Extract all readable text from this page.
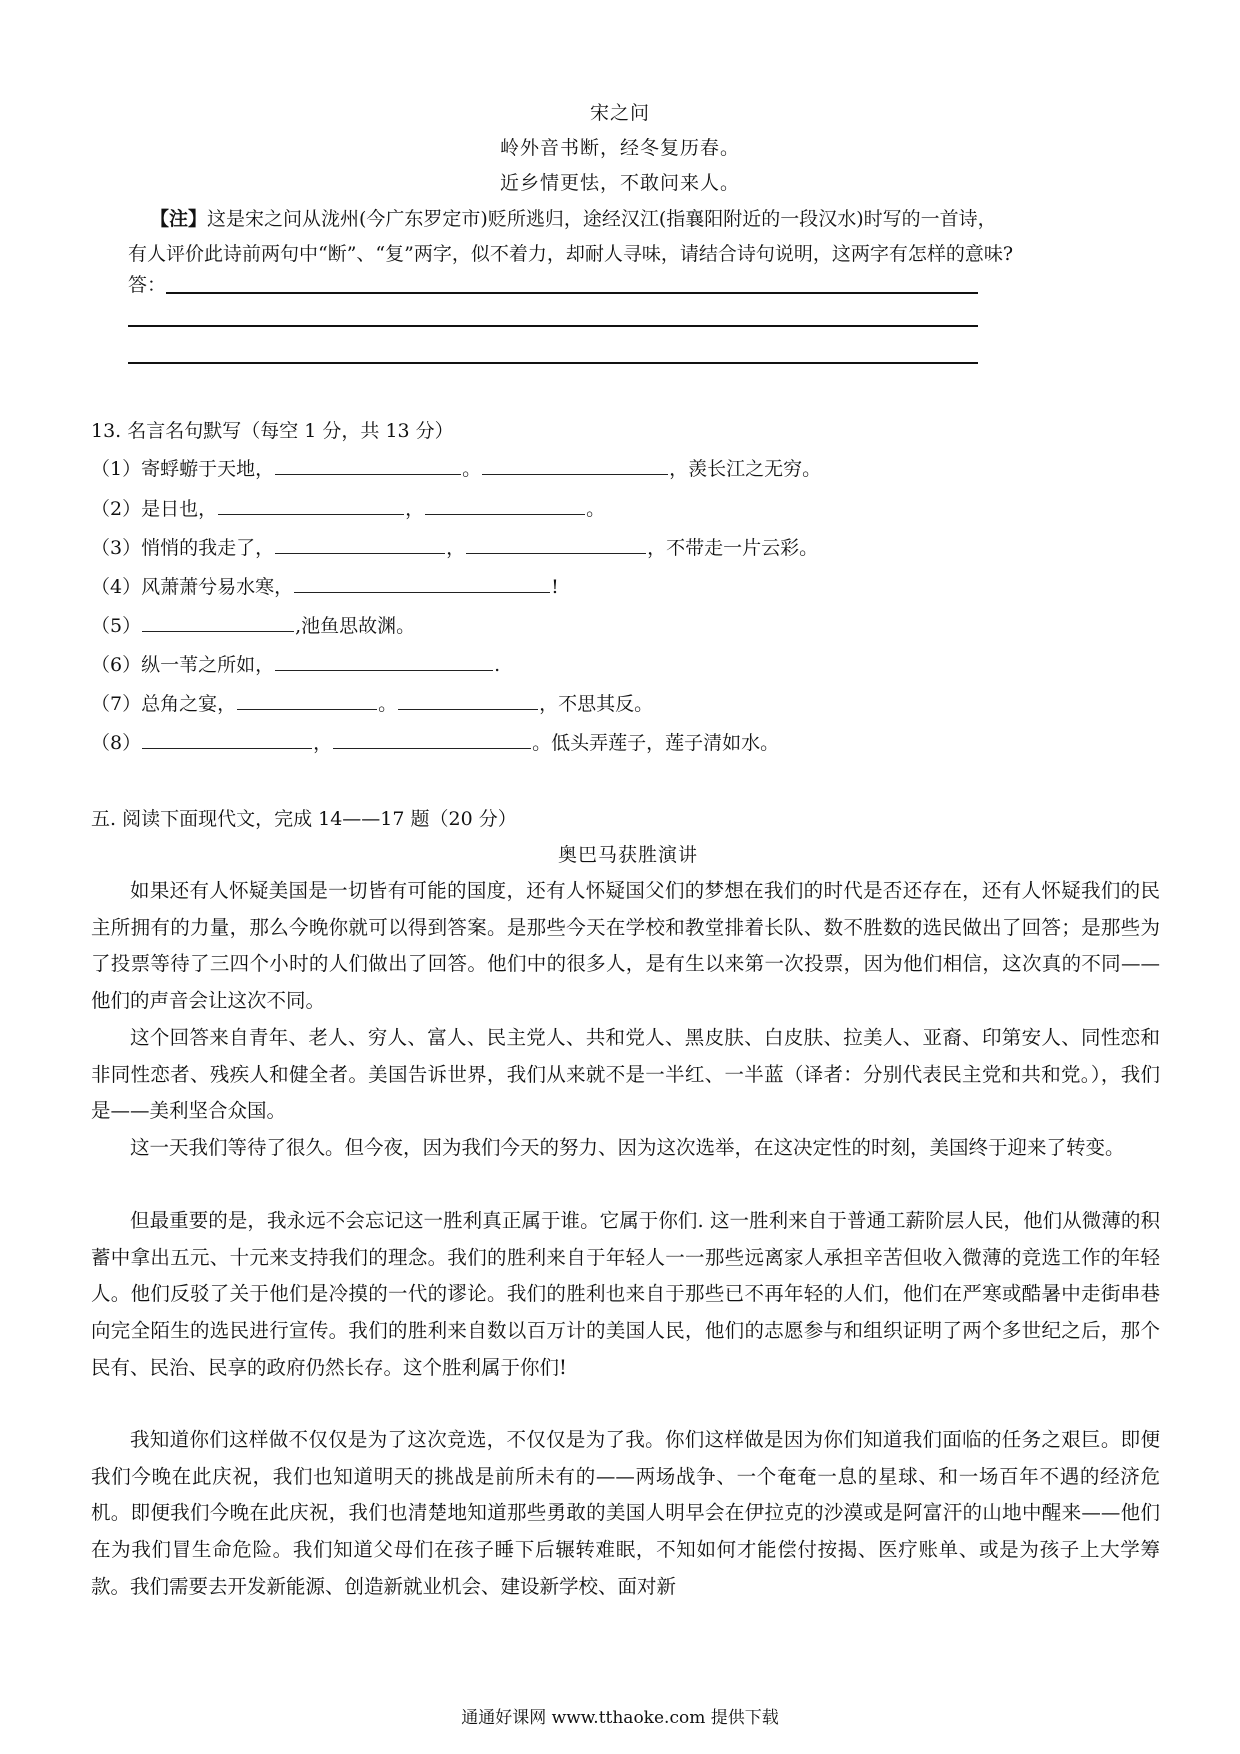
宋之问
岭外音书断，经冬复历春。
近乡情更怯，不敢问来人。
【注】这是宋之问从泷州(今广东罗定市)贬所逃归，途经汉江(指襄阳附近的一段汉水)时写的一首诗，
有人评价此诗前两句中“断”、“复”两字，似不着力，却耐人寻味，请结合诗句说明，这两字有怎样的意味?
答：
13. 名言名句默写（每空 1 分，共 13 分）
（1）寄蜉蝣于天地，	。	，羡长江之无穷。
（2）是日也，	，	。
（3）悄悄的我走了，	，	，不带走一片云彩。
（4）风萧萧兮易水寒，	!
（5）	,池鱼思故渊。
（6）纵一苇之所如，	.
（7）总角之宴，	。	，不思其反。
（8）	，	。低头弄莲子，莲子清如水。
五. 阅读下面现代文，完成 14——17 题（20 分）
奥巴马获胜演讲

如果还有人怀疑美国是一切皆有可能的国度，还有人怀疑国父们的梦想在我们的时代是否还存在，还有人怀疑我们的民主所拥有的力量，那么今晚你就可以得到答案。是那些今天在学校和教堂排着长队、数不胜数的选民做出了回答；是那些为了投票等待了三四个小时的人们做出了回答。他们中的很多人，是有生以来第一次投票，因为他们相信，这次真的不同——他们的声音会让这次不同。

这个回答来自青年、老人、穷人、富人、民主党人、共和党人、黑皮肤、白皮肤、拉美人、亚裔、印第安人、同性恋和非同性恋者、残疾人和健全者。美国告诉世界，我们从来就不是一半红、一半蓝（译者：分别代表民主党和共和党。），我们是——美利坚合众国。

这一天我们等待了很久。但今夜，因为我们今天的努力、因为这次选举，在这决定性的时刻，美国终于迎来了转变。

但最重要的是，我永远不会忘记这一胜利真正属于谁。它属于你们. 这一胜利来自于普通工薪阶层人民，他们从微薄的积蓄中拿出五元、十元来支持我们的理念。我们的胜利来自于年轻人一一那些远离家人承担辛苦但收入微薄的竞选工作的年轻人。他们反驳了关于他们是冷摸的一代的谬论。我们的胜利也来自于那些已不再年轻的人们，他们在严寒或酷暑中走街串巷向完全陌生的选民进行宣传。我们的胜利来自数以百万计的美国人民，他们的志愿参与和组织证明了两个多世纪之后，那个民有、民治、民享的政府仍然长存。这个胜利属于你们!

我知道你们这样做不仅仅是为了这次竞选，不仅仅是为了我。你们这样做是因为你们知道我们面临的任务之艰巨。即便我们今晚在此庆祝，我们也知道明天的挑战是前所未有的——两场战争、一个奄奄一息的星球、和一场百年不遇的经济危机。即便我们今晚在此庆祝，我们也清楚地知道那些勇敢的美国人明早会在伊拉克的沙漠或是阿富汗的山地中醒来——他们在为我们冒生命危险。我们知道父母们在孩子睡下后辗转难眠，不知如何才能偿付按揭、医疗账单、或是为孩子上大学筹款。我们需要去开发新能源、创造新就业机会、建设新学校、面对新

通通好课网 www.tthaoke.com 提供下载
